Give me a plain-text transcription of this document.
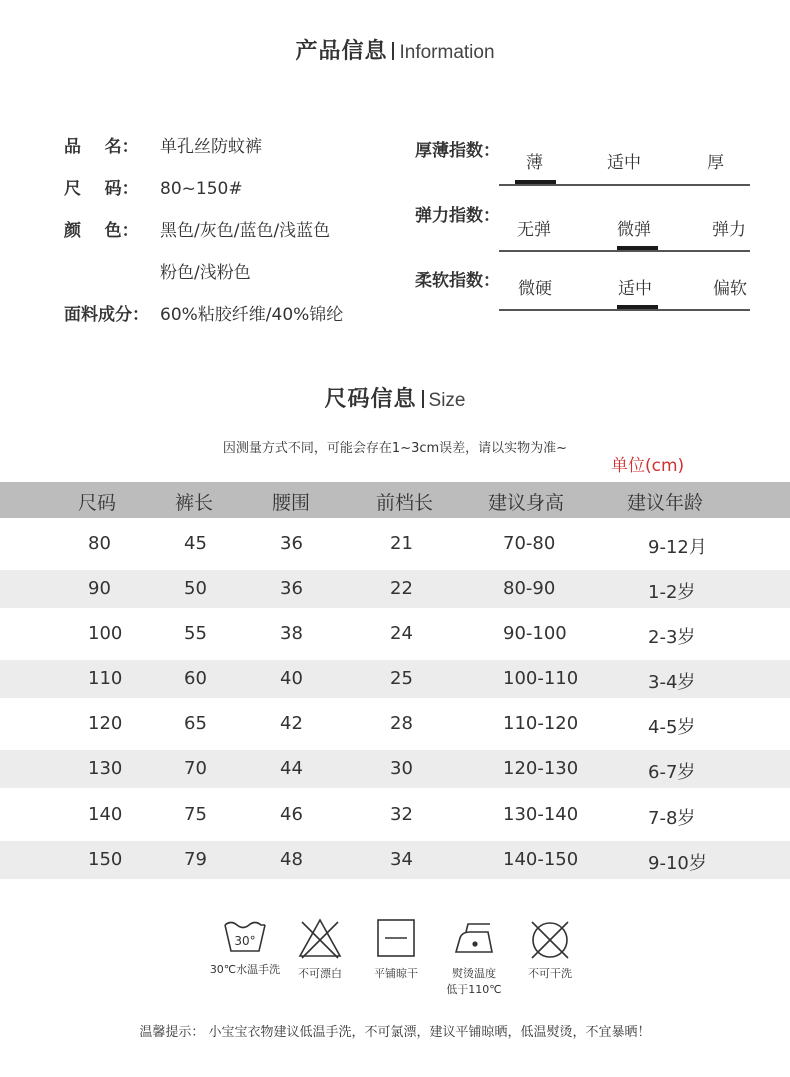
产品信息 Information
品    名： 单孔丝防蚊裤
尺    码： 80~150#
颜    色： 黑色/灰色/蓝色/浅蓝色
粉色/浅粉色
面料成分： 60%粘胶纤维/40%锦纶
厚薄指数：
薄	适中	厚
弹力指数：
无弹	微弹	弹力
柔软指数： 微硬	适中	偏软
尺码信息 Size
因测量方式不同，可能会存在1~3cm误差，请以实物为准~
单位(cm)
尺码	裤长	腰围	前档长	建议身高	建议年龄
80	45	36	21	70-80	9-12月
90	50	36	22	80-90	1-2岁
100	55	38	24	90-100	2-3岁
110	60	40	25	100-110	3-4岁
120	65	42	28	110-120	4-5岁
130	70	44	30	120-130	6-7岁
140	75	46	32	130-140	7-8岁
150	79	48	34	140-150	9-10岁
30°
30℃水温手洗	不可漂白	平铺晾干	熨烫温度
低于110℃
不可干洗
温馨提示： 小宝宝衣物建议低温手洗，不可氯漂，建议平铺晾晒，低温熨烫，不宜暴晒！
